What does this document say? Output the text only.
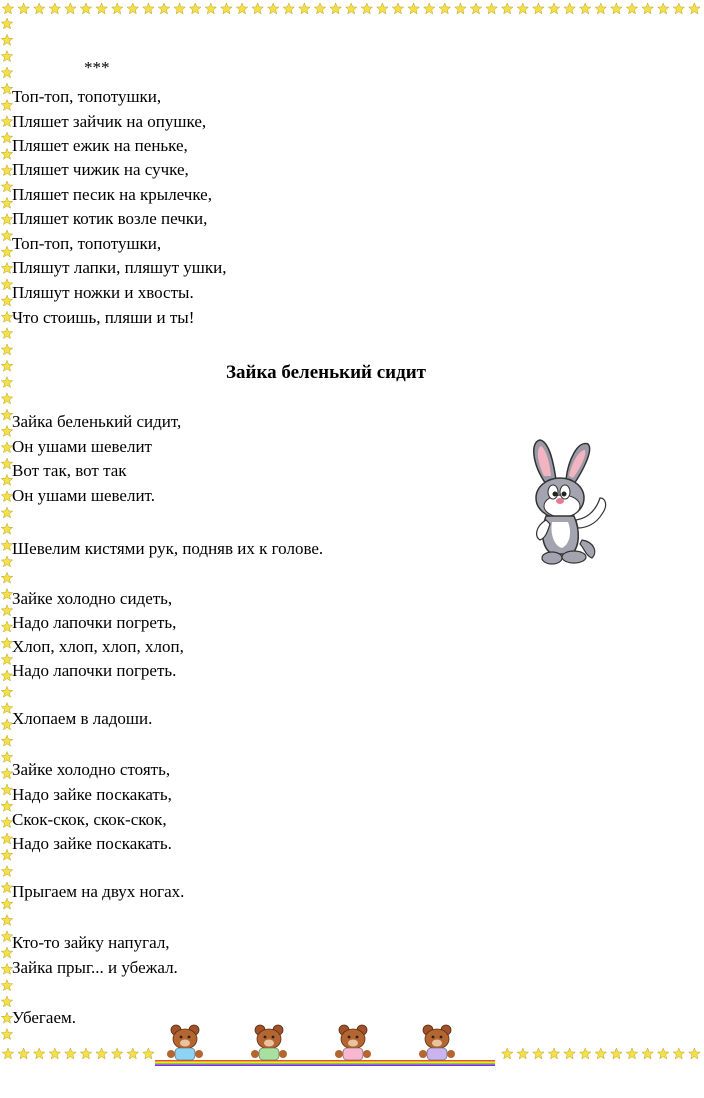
***
Топ-топ, топотушки,
Пляшет зайчик на опушке,
Пляшет ежик на пеньке,
Пляшет чижик на сучке,
Пляшет песик на крылечке,
Пляшет котик возле печки,
Топ-топ, топотушки,
Пляшут лапки, пляшут ушки,
Пляшут ножки и хвосты.
Что стоишь, пляши и ты!
Зайка беленький сидит
Зайка беленький сидит,
Он ушами шевелит
Вот так, вот так
Он ушами шевелит.
Шевелим кистями рук, подняв их к голове.
Зайке холодно сидеть,
Надо лапочки погреть,
Хлоп, хлоп, хлоп, хлоп,
Надо лапочки погреть.
Хлопаем в ладоши.
Зайке холодно стоять,
Надо зайке поскакать,
Скок-скок, скок-скок,
Надо зайке поскакать.
Прыгаем на двух ногах.
Кто-то зайку напугал,
Зайка прыг... и убежал.
Убегаем.
